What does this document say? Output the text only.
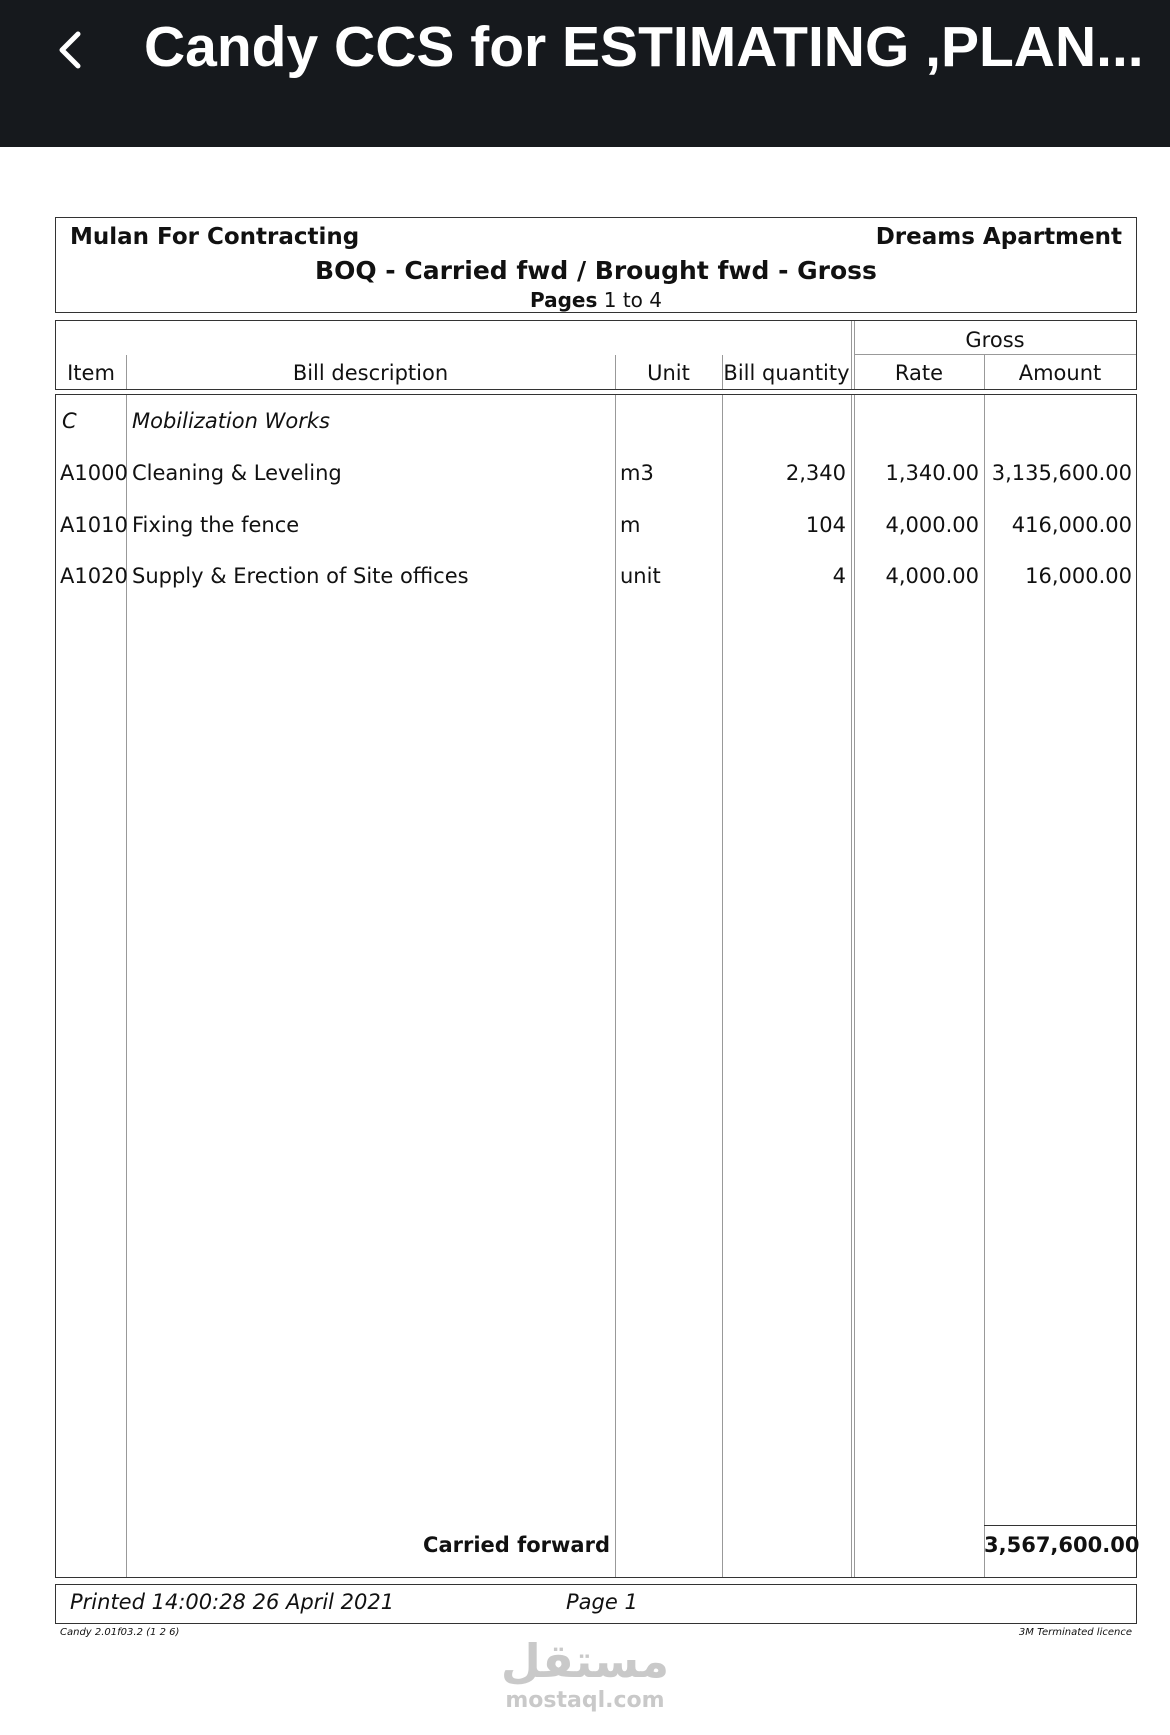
Candy CCS for ESTIMATING ,PLAN...
Mulan For Contracting	Dreams Apartment
BOQ - Carried fwd / Brought fwd - Gross
Pages 1 to 4
Gross
Item	Bill description	Unit	Bill quantity	Rate	Amount
C	Mobilization Works
A1000 Cleaning & Leveling	m3	2,340	1,340.00 3,135,600.00
A1010 Fixing the fence	m	104	4,000.00	416,000.00
A1020 Supply & Erection of Site offices	unit	4	4,000.00	16,000.00
Carried forward	3,567,600.00
Printed 14:00:28 26 April 2021	Page 1
Candy 2.01f03.2 (1 2 6)	3M Terminated licence
مستقل
mostaql.com
